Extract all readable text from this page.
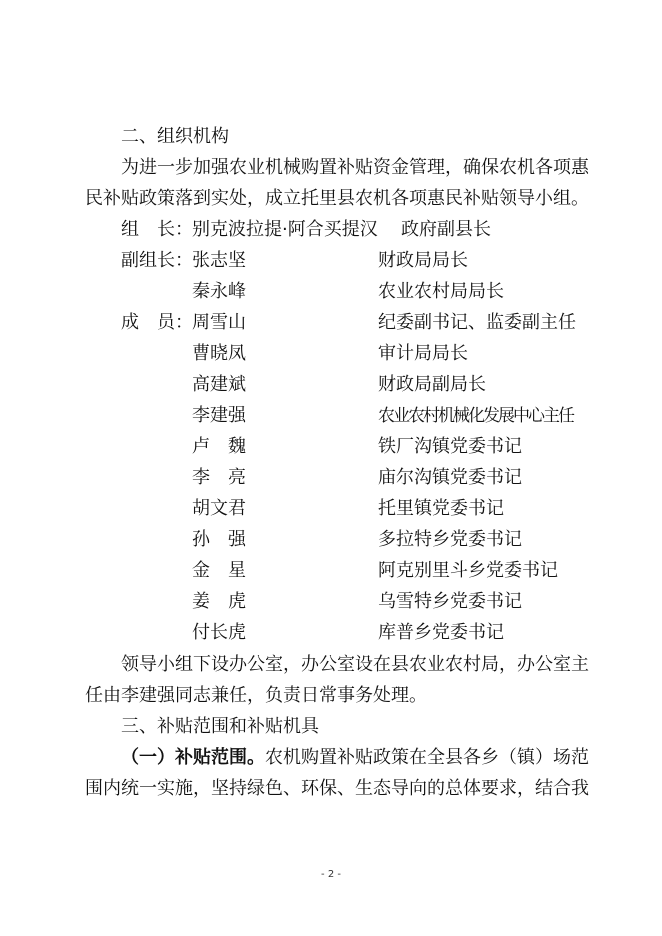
二、组织机构
为进一步加强农业机械购置补贴资金管理，确保农机各项惠
民补贴政策落到实处，成立托里县农机各项惠民补贴领导小组。
组　长： 别克波拉提·阿合买提汉 政府副县长
副组长： 张志坚	财政局局长
秦永峰	农业农村局局长
成　员： 周雪山	纪委副书记、监委副主任
曹晓凤	审计局局长
高建斌	财政局副局长
李建强	农业农村机械化发展中心主任
卢　魏	铁厂沟镇党委书记
李　亮	庙尔沟镇党委书记
胡文君	托里镇党委书记
孙　强	多拉特乡党委书记
金　星	阿克别里斗乡党委书记
姜　虎	乌雪特乡党委书记
付长虎	库普乡党委书记
领导小组下设办公室，办公室设在县农业农村局，办公室主
任由李建强同志兼任，负责日常事务处理。
三、补贴范围和补贴机具
（一）补贴范围。农机购置补贴政策在全县各乡（镇）场范
围内统一实施，坚持绿色、环保、生态导向的总体要求，结合我
- 2 -
